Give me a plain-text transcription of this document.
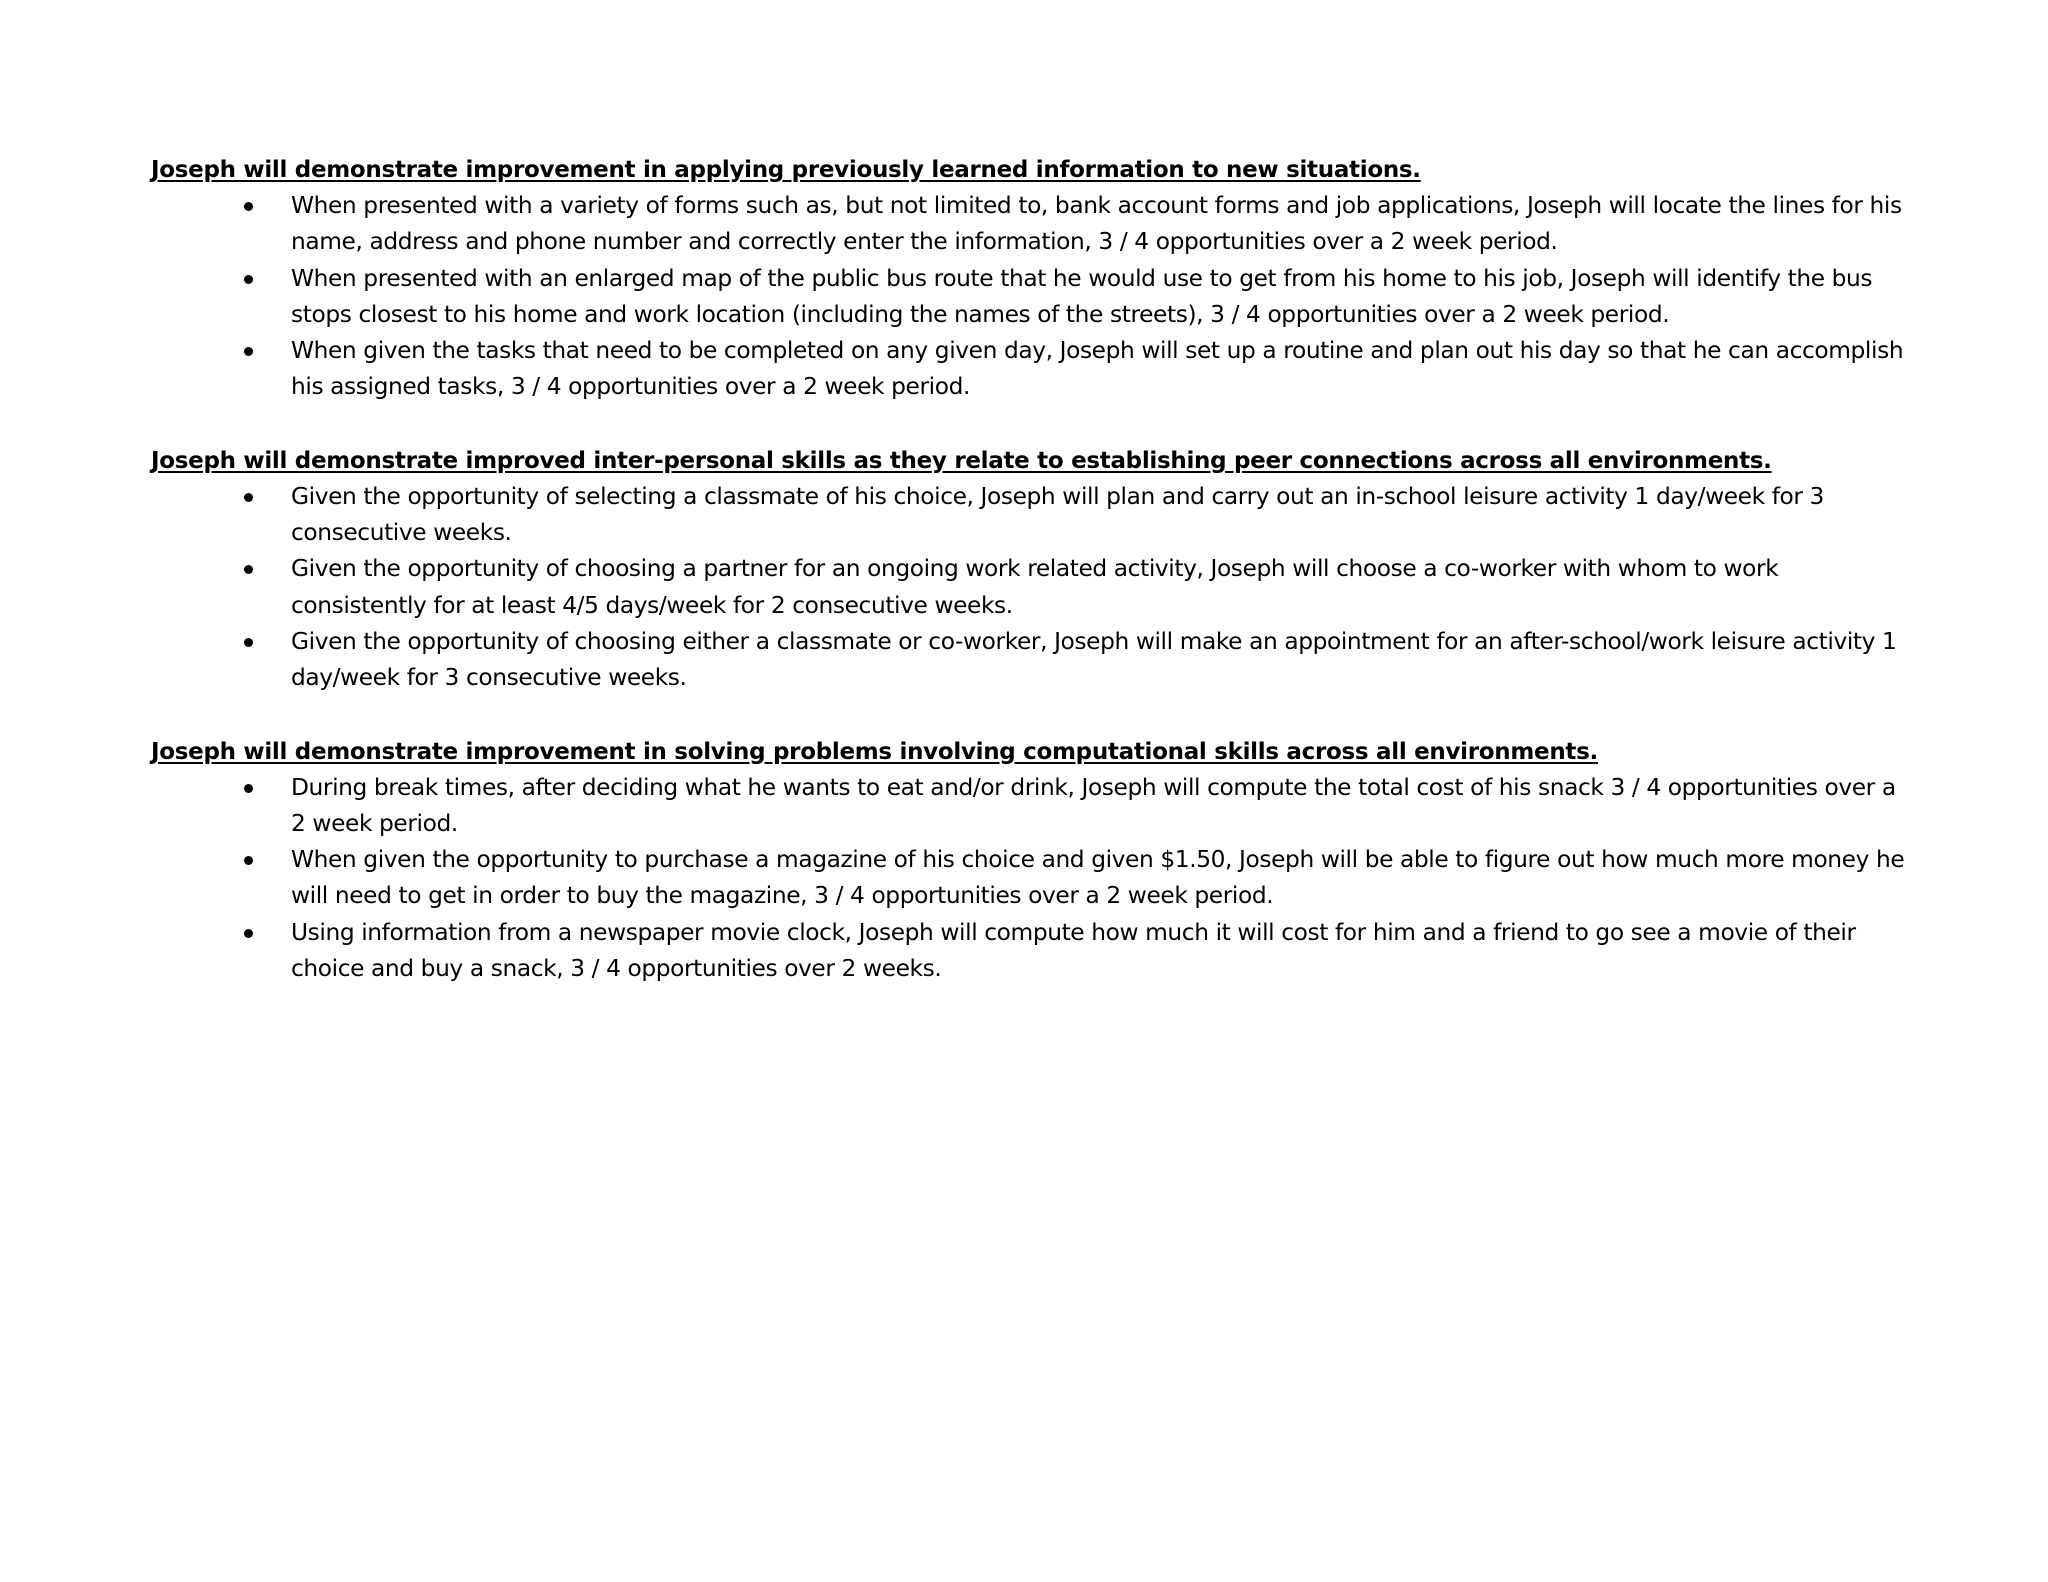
Joseph will demonstrate improvement in applying previously learned information to new situations.
When presented with a variety of forms such as, but not limited to, bank account forms and job applications, Joseph will locate the lines for his name, address and phone number and correctly enter the information, 3 / 4 opportunities over a 2 week period.
When presented with an enlarged map of the public bus route that he would use to get from his home to his job, Joseph will identify the bus stops closest to his home and work location (including the names of the streets), 3 / 4 opportunities over a 2 week period.
When given the tasks that need to be completed on any given day, Joseph will set up a routine and plan out his day so that he can accomplish his assigned tasks, 3 / 4 opportunities over a 2 week period.
Joseph will demonstrate improved inter-personal skills as they relate to establishing peer connections across all environments.
Given the opportunity of selecting a classmate of his choice, Joseph will plan and carry out an in-school leisure activity 1 day/week for 3 consecutive weeks.
Given the opportunity of choosing a partner for an ongoing work related activity, Joseph will choose a co-worker with whom to work consistently for at least 4/5 days/week for 2 consecutive weeks.
Given the opportunity of choosing either a classmate or co-worker, Joseph will make an appointment for an after-school/work leisure activity 1 day/week for 3 consecutive weeks.
Joseph will demonstrate improvement in solving problems involving computational skills across all environments.
During break times, after deciding what he wants to eat and/or drink, Joseph will compute the total cost of his snack 3 / 4 opportunities over a 2 week period.
When given the opportunity to purchase a magazine of his choice and given $1.50, Joseph will be able to figure out how much more money he will need to get in order to buy the magazine, 3 / 4 opportunities over a 2 week period.
Using information from a newspaper movie clock, Joseph will compute how much it will cost for him and a friend to go see a movie of their choice and buy a snack, 3 / 4 opportunities over 2 weeks.
